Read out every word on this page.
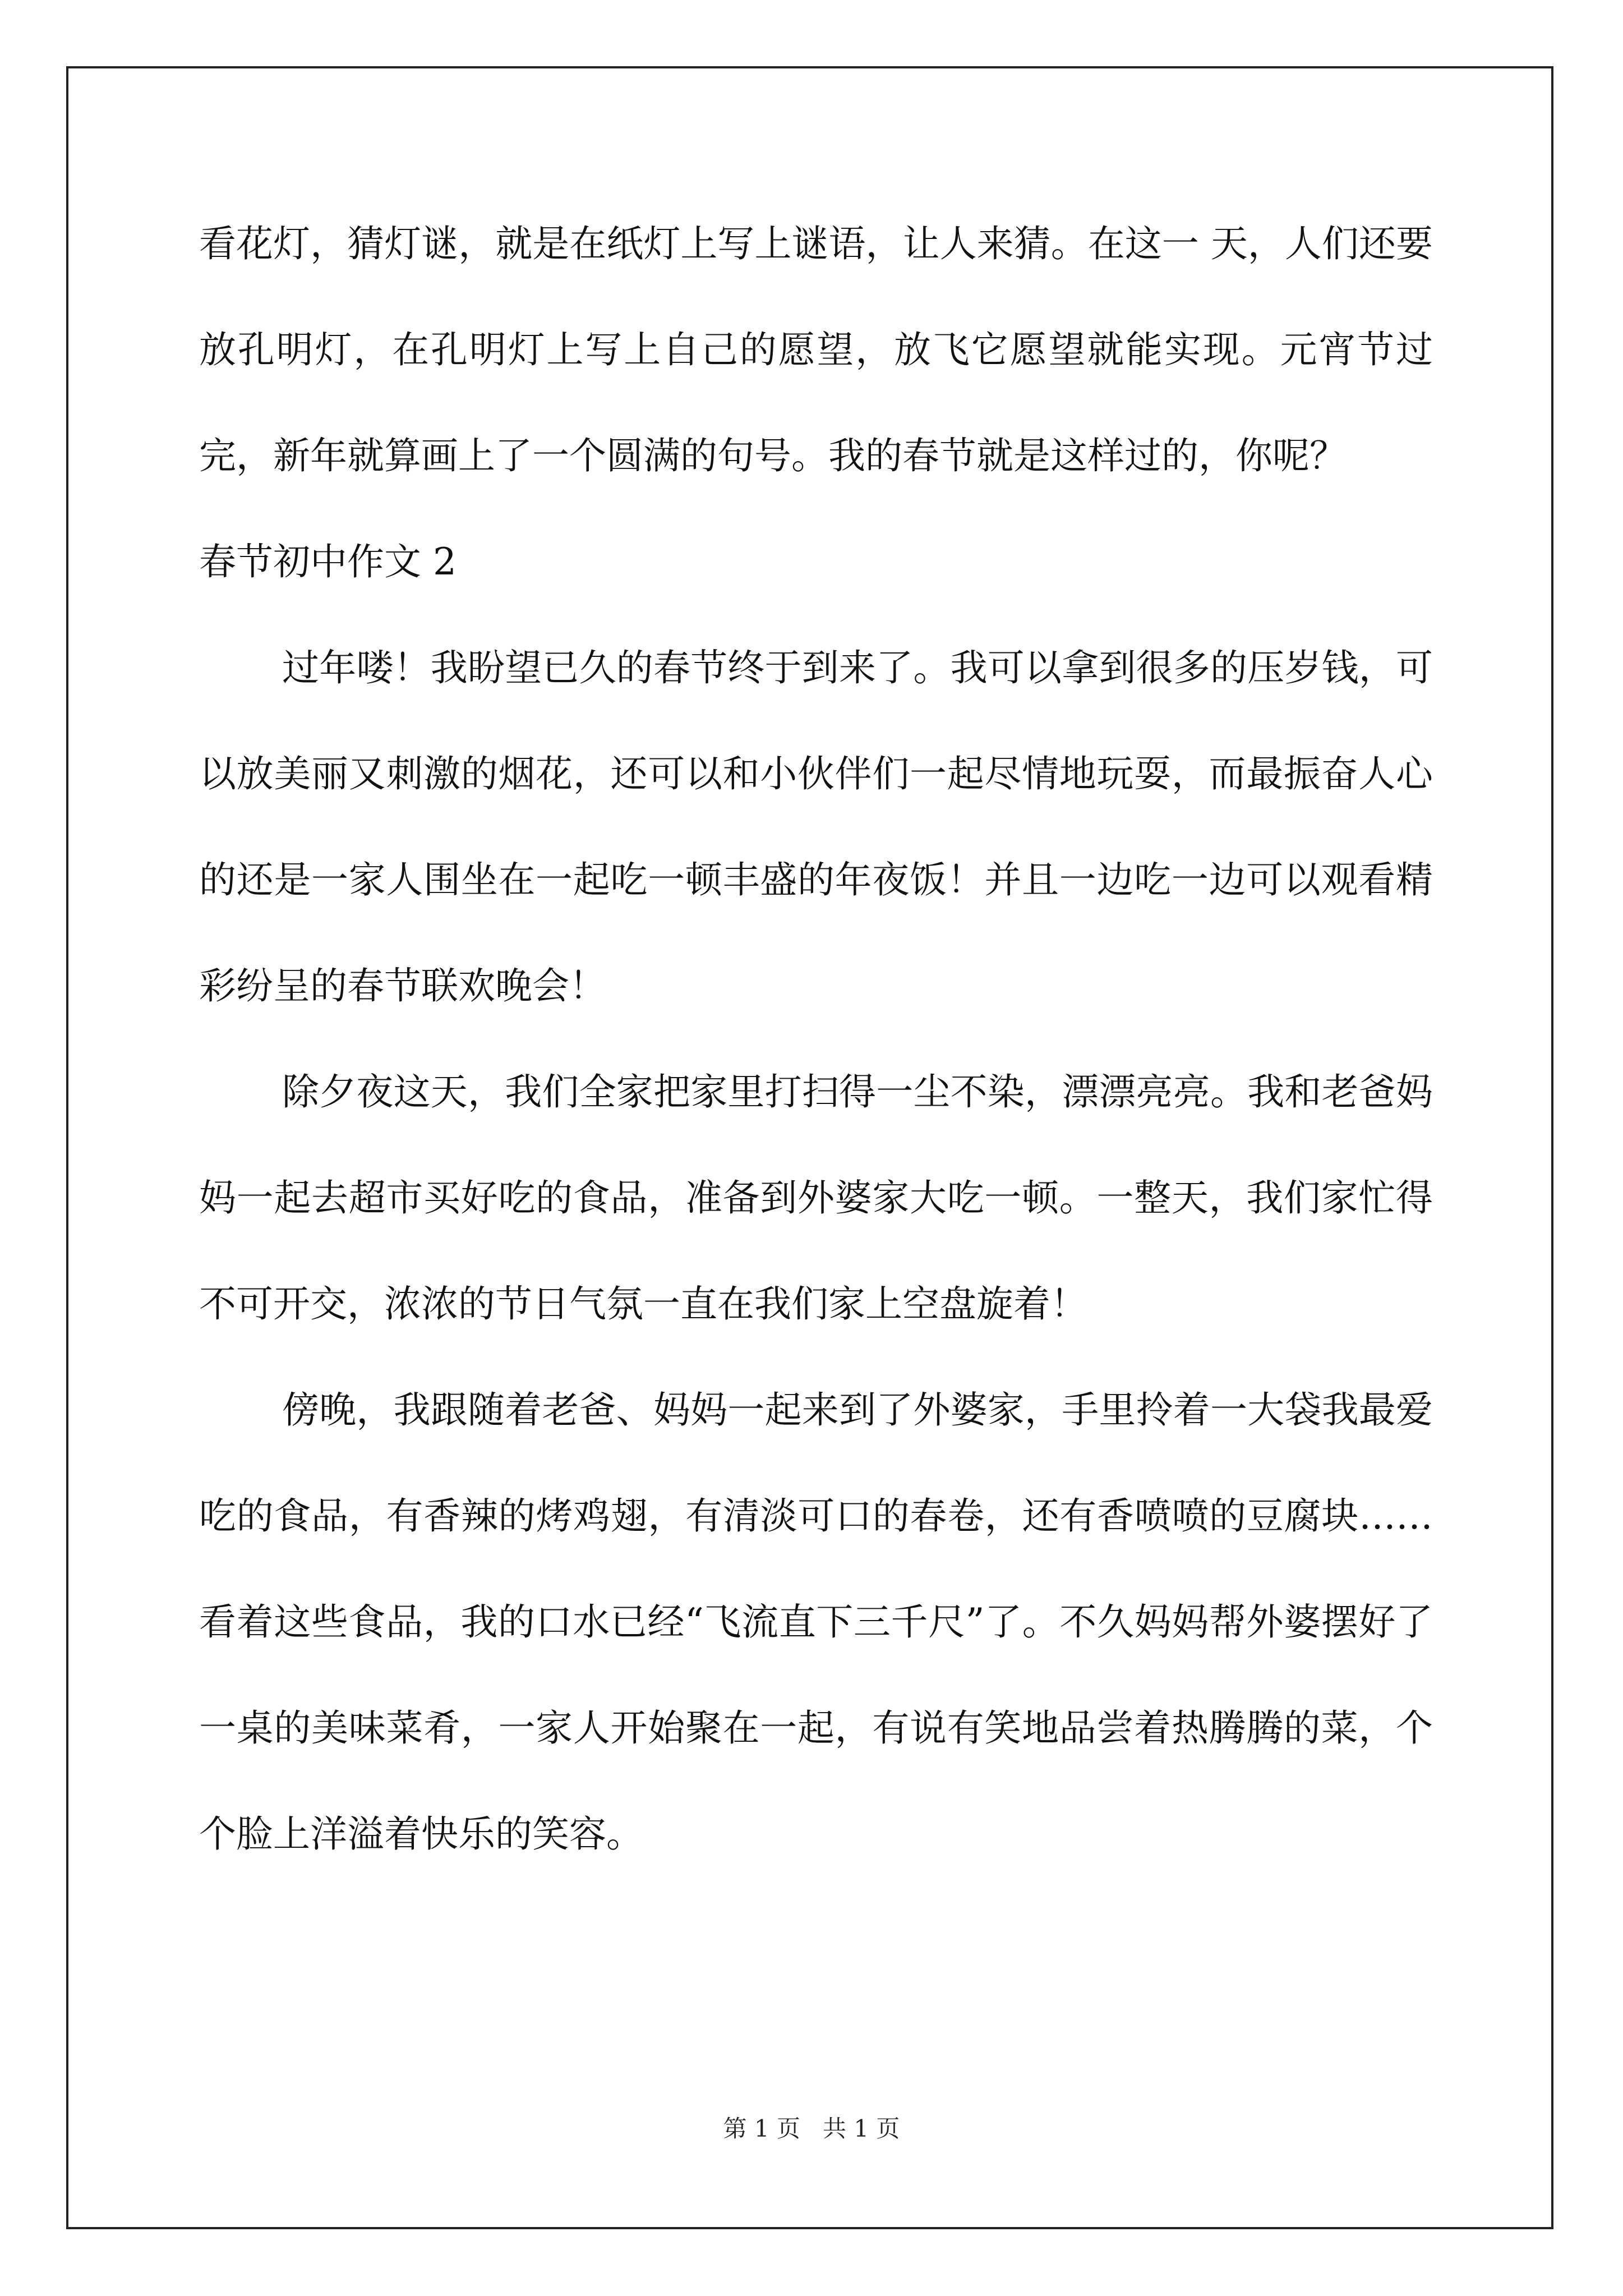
看花灯，猜灯谜，就是在纸灯上写上谜语，让人来猜。在这一 天，人们还要放孔明灯，在孔明灯上写上自己的愿望，放飞它愿望就能实现。元宵节过完，新年就算画上了一个圆满的句号。我的春节就是这样过的，你呢？

春节初中作文 2

过年喽！我盼望已久的春节终于到来了。我可以拿到很多的压岁钱，可以放美丽又刺激的烟花，还可以和小伙伴们一起尽情地玩耍，而最振奋人心的还是一家人围坐在一起吃一顿丰盛的年夜饭！并且一边吃一边可以观看精彩纷呈的春节联欢晚会！

除夕夜这天，我们全家把家里打扫得一尘不染，漂漂亮亮。我和老爸妈妈一起去超市买好吃的食品，准备到外婆家大吃一顿。一整天，我们家忙得不可开交，浓浓的节日气氛一直在我们家上空盘旋着！

傍晚，我跟随着老爸、妈妈一起来到了外婆家，手里拎着一大袋我最爱吃的食品，有香辣的烤鸡翅，有清淡可口的春卷，还有香喷喷的豆腐块……看着这些食品，我的口水已经“飞流直下三千尺”了。不久妈妈帮外婆摆好了一桌的美味菜肴，一家人开始聚在一起，有说有笑地品尝着热腾腾的菜，个个脸上洋溢着快乐的笑容。

第 1 页 共 1 页
